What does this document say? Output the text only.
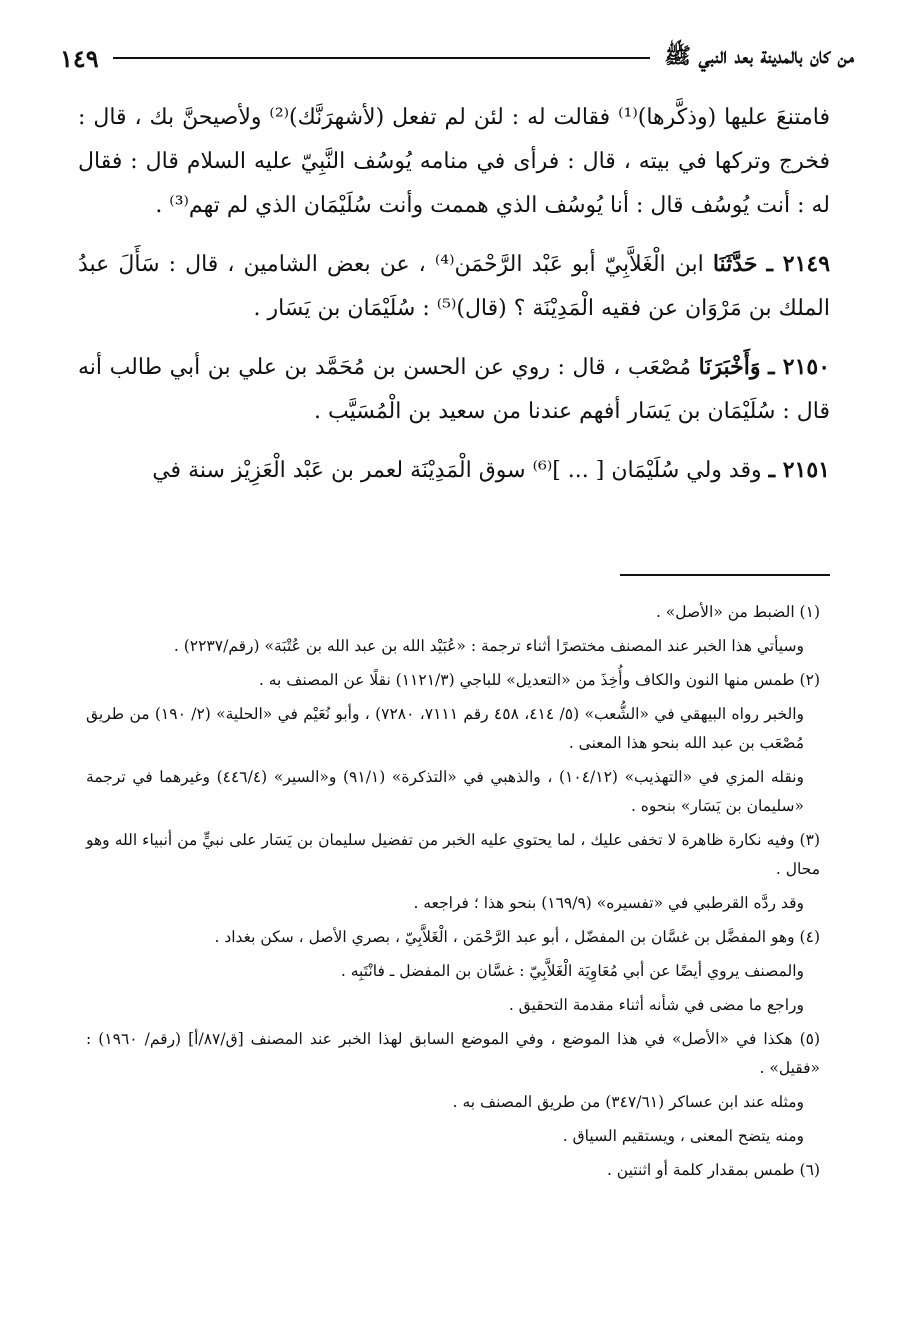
من كان بالمدينة بعد النبي ﷺ
١٤٩

فامتنعَ عليها (وذكَّرها)⁽¹⁾ فقالت له : لئن لم تفعل (لأشهرَنَّك)⁽²⁾ ولأصيحنَّ بك ، قال : فخرج وتركها في بيته ، قال : فرأى في منامه يُوسُف النَّبِيّ عليه السلام قال : فقال له : أنت يُوسُف قال : أنا يُوسُف الذي هممت وأنت سُلَيْمَان الذي لم تهم⁽³⁾ .

٢١٤٩ ـ حَدَّثَنَا ابن الْغَلاَّبِيّ أبو عَبْد الرَّحْمَن⁽⁴⁾ ، عن بعض الشامين ، قال : سَأَلَ عبدُ الملك بن مَرْوَان عن فقيه الْمَدِيْنَة ؟ (قال)⁽⁵⁾ : سُلَيْمَان بن يَسَار .

٢١٥٠ ـ وَأَخْبَرَنَا مُصْعَب ، قال : روي عن الحسن بن مُحَمَّد بن علي بن أبي طالب أنه قال : سُلَيْمَان بن يَسَار أفهم عندنا من سعيد بن الْمُسَيَّب .

٢١٥١ ـ وقد ولي سُلَيْمَان [ ... ]⁽⁶⁾ سوق الْمَدِيْنَة لعمر بن عَبْد الْعَزِيْز سنة في

(١) الضبط من «الأصل» .

وسيأتي هذا الخبر عند المصنف مختصرًا أثناء ترجمة : «عُبَيْد الله بن عبد الله بن عُتْبَة» (رقم/٢٢٣٧) .

(٢) طمس منها النون والكاف وأُخِذَ من «التعديل» للباجي (١١٢١/٣) نقلًا عن المصنف به .

والخبر رواه البيهقي في «الشُّعب» (٥/ ٤١٤، ٤٥٨ رقم ٧١١١، ٧٢٨٠) ، وأبو نُعَيْم في «الحلية» (٢/ ١٩٠) من طريق مُصْعَب بن عبد الله بنحو هذا المعنى .

ونقله المزي في «التهذيب» (١٠٤/١٢) ، والذهبي في «التذكرة» (٩١/١) و«السير» (٤٤٦/٤) وغيرهما في ترجمة «سليمان بن يَسَار» بنحوه .

(٣) وفيه نكارة ظاهرة لا تخفى عليك ، لما يحتوي عليه الخبر من تفضيل سليمان بن يَسَار على نبيٍّ من أنبياء الله وهو محال .

وقد ردَّه القرطبي في «تفسيره» (١٦٩/٩) بنحو هذا ؛ فراجعه .

(٤) وهو المفضَّل بن غسَّان بن المفضّل ، أبو عبد الرَّحْمَن ، الْغَلاَّبِيّ ، بصري الأصل ، سكن بغداد .

والمصنف يروي أيضًا عن أبي مُعَاوِيَة الْغَلاَّبِيّ : غسَّان بن المفضل ـ فانْتَبِه .

وراجع ما مضى في شأنه أثناء مقدمة التحقيق .

(٥) هكذا في «الأصل» في هذا الموضع ، وفي الموضع السابق لهذا الخبر عند المصنف [ق/٨٧/أ] (رقم/ ١٩٦٠) : «فقيل» .

ومثله عند ابن عساكر (٣٤٧/٦١) من طريق المصنف به .

ومنه يتضح المعنى ، ويستقيم السياق .

(٦) طمس بمقدار كلمة أو اثنتين .
